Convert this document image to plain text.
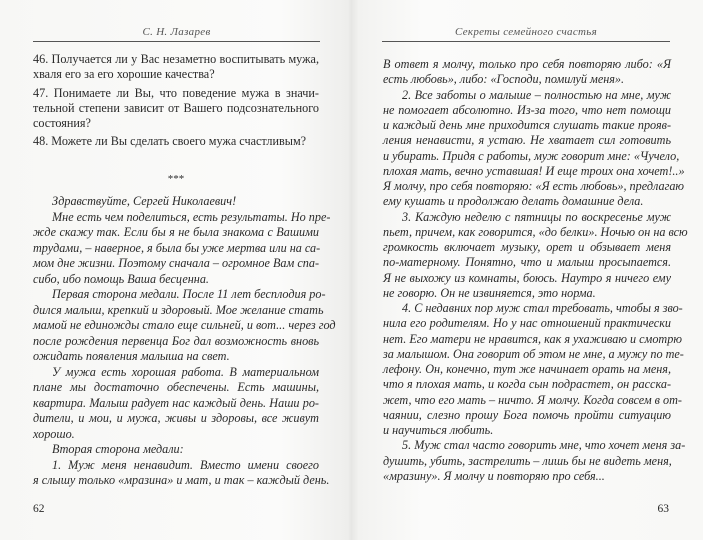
С. Н. Лазарев
46. Получается ли у Вас незаметно воспитывать мужа,
хваля его за его хорошие качества?
47. Понимаете ли Вы, что поведение мужа в значи-
тельной степени зависит от Вашего подсознательного
состояния?
48. Можете ли Вы сделать своего мужа счастливым?
***
Здравствуйте, Сергей Николаевич!
Мне есть чем поделиться, есть результаты. Но пре-
жде скажу так. Если бы я не была знакома с Вашими
трудами, – наверное, я была бы уже мертва или на са-
мом дне жизни. Поэтому сначала – огромное Вам спа-
сибо, ибо помощь Ваша бесценна.
Первая сторона медали. После 11 лет бесплодия ро-
дился малыш, крепкий и здоровый. Мое желание стать
мамой не единожды стало еще сильней, и вот... через год
после рождения первенца Бог дал возможность вновь
ожидать появления малыша на свет.
У мужа есть хорошая работа. В материальном
плане мы достаточно обеспечены. Есть машины,
квартира. Малыш радует нас каждый день. Наши ро-
дители, и мои, и мужа, живы и здоровы, все живут
хорошо.
Вторая сторона медали:
1. Муж меня ненавидит. Вместо имени своего
я слышу только «мразина» и мат, и так – каждый день.
62
Секреты семейного счастья
В ответ я молчу, только про себя повторяю либо: «Я
есть любовь», либо: «Господи, помилуй меня».
2. Все заботы о малыше – полностью на мне, муж
не помогает абсолютно. Из-за того, что нет помощи
и каждый день мне приходится слушать такие прояв-
ления ненависти, я устаю. Не хватает сил готовить
и убирать. Придя с работы, муж говорит мне: «Чучело,
плохая мать, вечно уставшая! И еще троих она хочет!..»
Я молчу, про себя повторяю: «Я есть любовь», предлагаю
ему кушать и продолжаю делать домашние дела.
3. Каждую неделю с пятницы по воскресенье муж
пьет, причем, как говорится, «до белки». Ночью он на всю
громкость включает музыку, орет и обзывает меня
по-матерному. Понятно, что и малыш просыпается.
Я не выхожу из комнаты, боюсь. Наутро я ничего ему
не говорю. Он не извиняется, это норма.
4. С недавних пор муж стал требовать, чтобы я зво-
нила его родителям. Но у нас отношений практически
нет. Его матери не нравится, как я ухаживаю и смотрю
за малышом. Она говорит об этом не мне, а мужу по те-
лефону. Он, конечно, тут же начинает орать на меня,
что я плохая мать, и когда сын подрастет, он расска-
жет, что его мать – ничто. Я молчу. Когда совсем в от-
чаянии, слезно прошу Бога помочь пройти ситуацию
и научиться любить.
5. Муж стал часто говорить мне, что хочет меня за-
душить, убить, застрелить – лишь бы не видеть меня,
«мразину». Я молчу и повторяю про себя...
63
